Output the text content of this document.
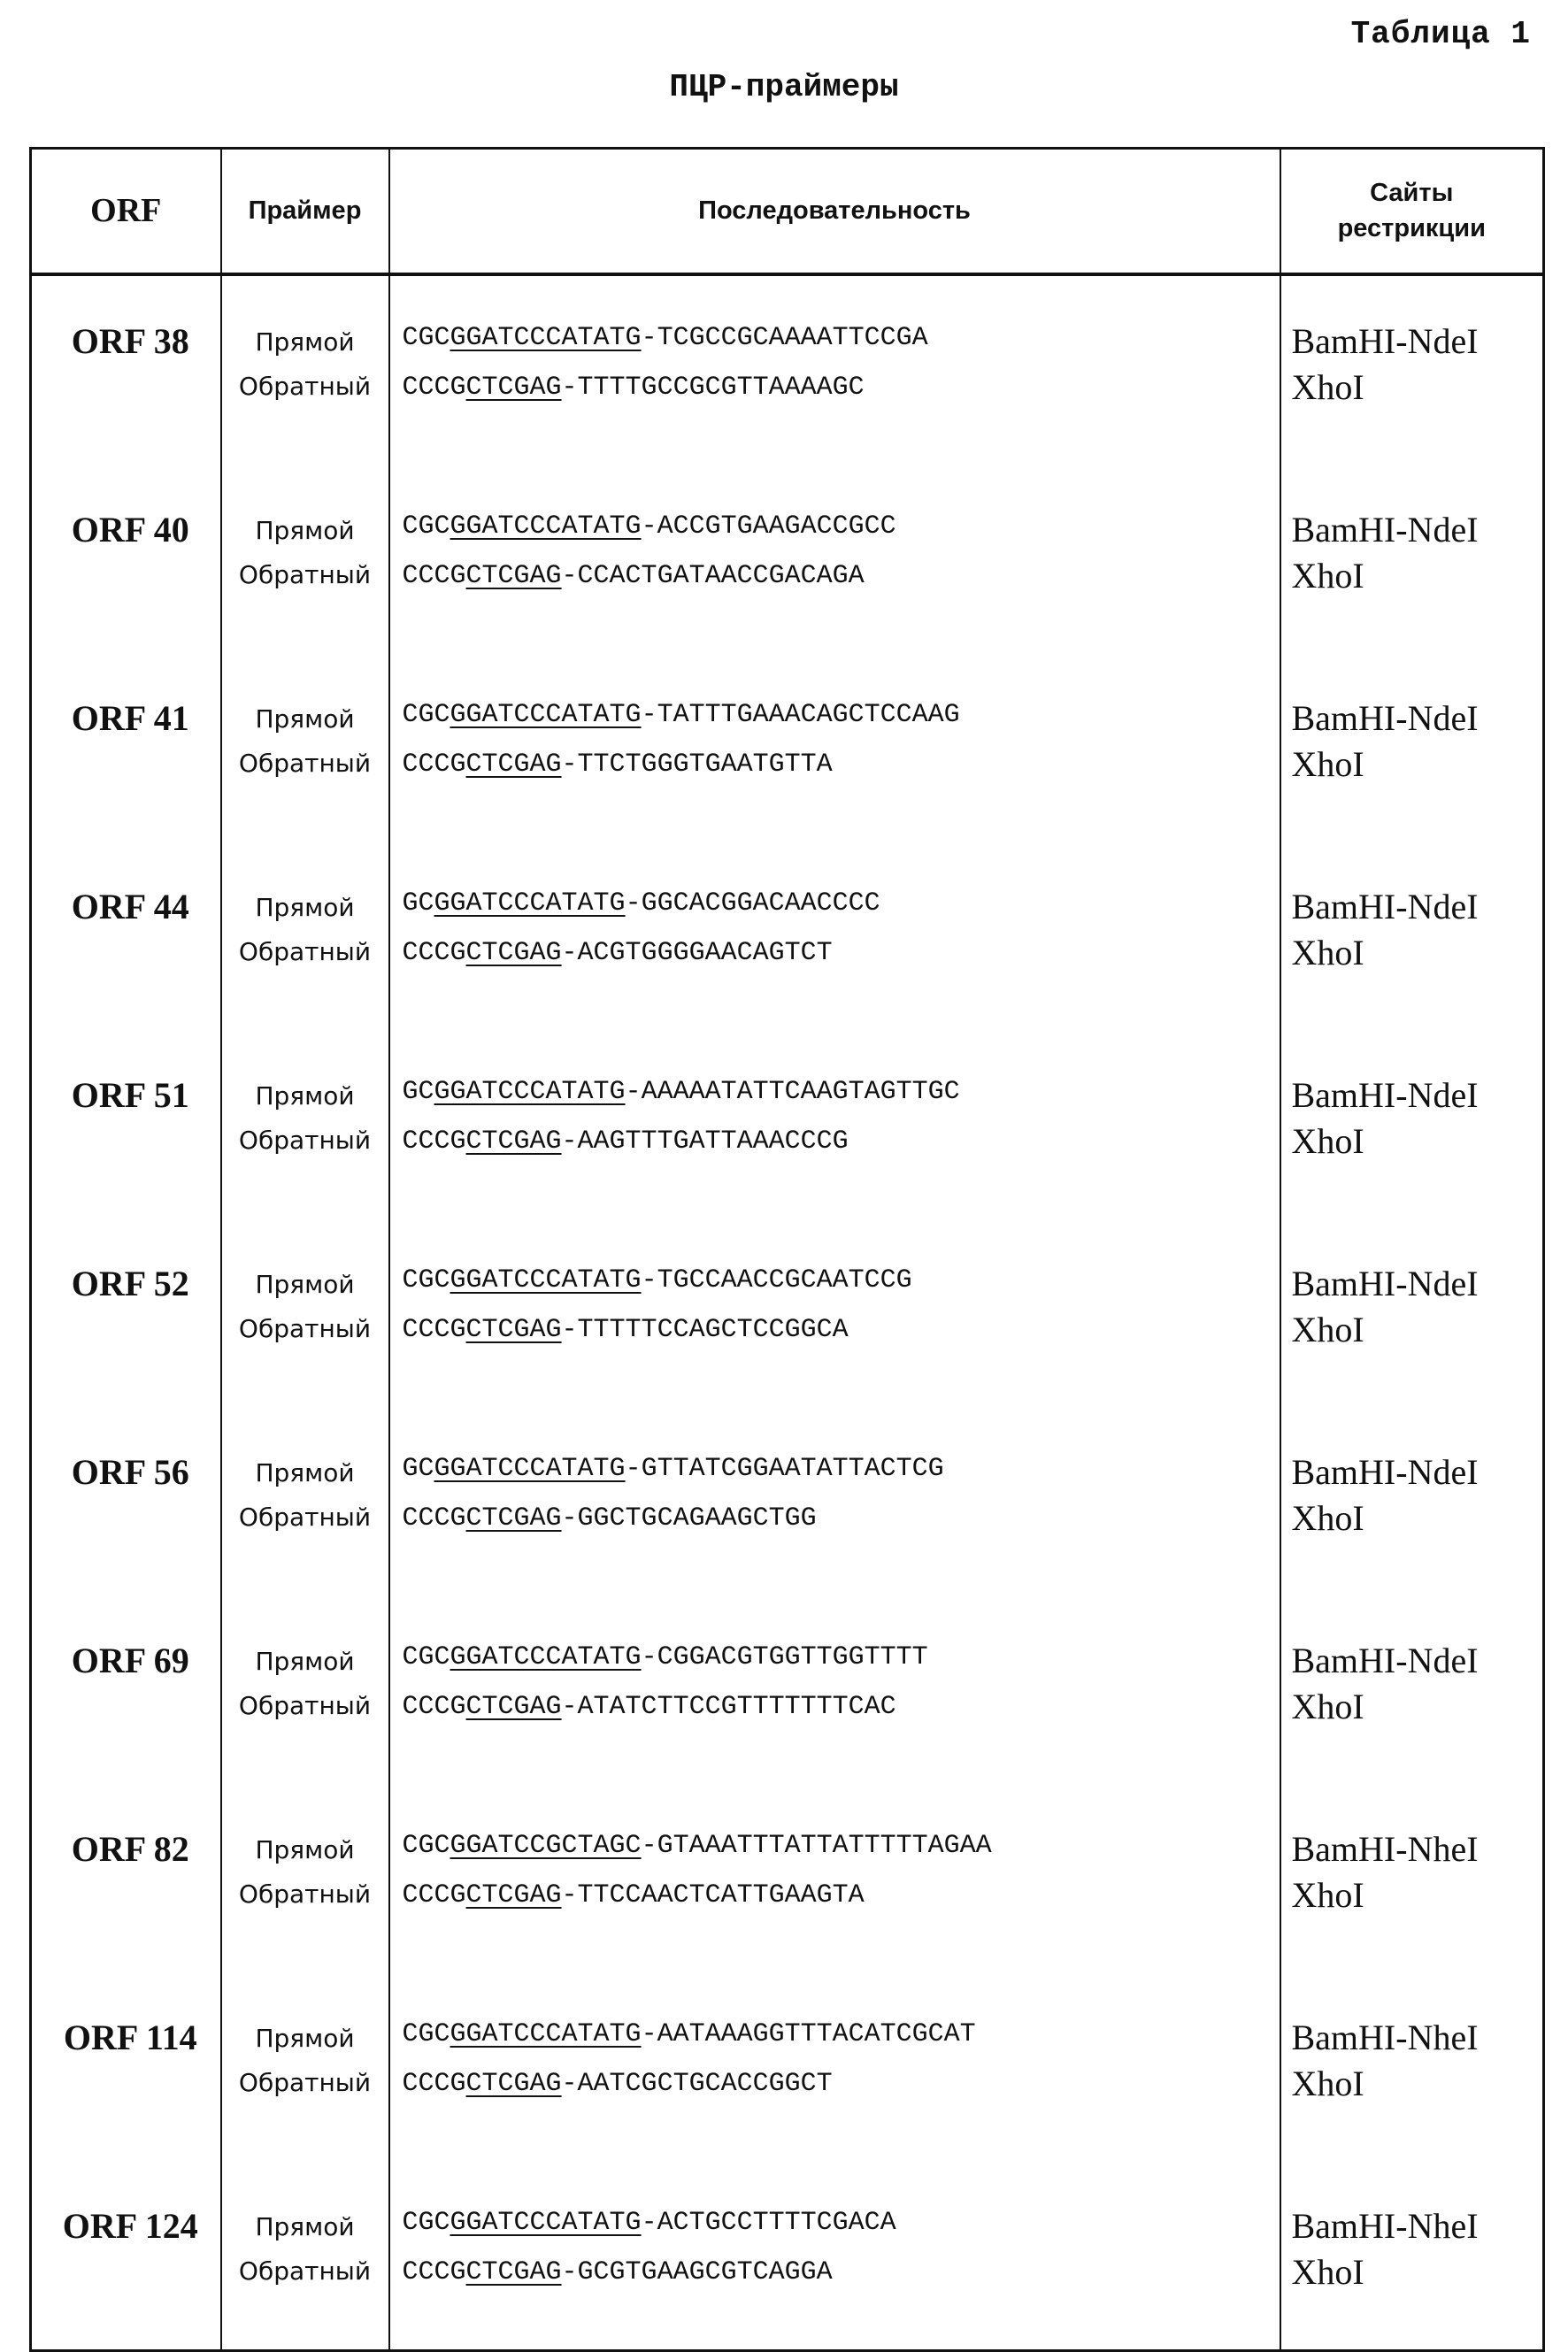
Таблица 1
ПЦР-праймеры
ORF	Праймер	Последовательность	
Сайты
рестрикции

ORF 38	Прямой
Обратный

CGCGGATCCCATATG-TCGCCGCAAAATTCCGA
CCCGCTCGAG-TTTTGCCGCGTTAAAAGC

BamHI-NdeI
XhoI

ORF 40	Прямой
Обратный

CGCGGATCCCATATG-ACCGTGAAGACCGCC
CCCGCTCGAG-CCACTGATAACCGACAGA

BamHI-NdeI
XhoI

ORF 41	Прямой
Обратный

CGCGGATCCCATATG-TATTTGAAACAGCTCCAAG
CCCGCTCGAG-TTCTGGGTGAATGTTA

BamHI-NdeI
XhoI

ORF 44	Прямой
Обратный

GCGGATCCCATATG-GGCACGGACAACCCC
CCCGCTCGAG-ACGTGGGGAACAGTCT

BamHI-NdeI
XhoI

ORF 51	Прямой
Обратный

GCGGATCCCATATG-AAAAATATTCAAGTAGTTGC
CCCGCTCGAG-AAGTTTGATTAAACCCG

BamHI-NdeI
XhoI

ORF 52	Прямой
Обратный

CGCGGATCCCATATG-TGCCAACCGCAATCCG
CCCGCTCGAG-TTTTTCCAGCTCCGGCA

BamHI-NdeI
XhoI

ORF 56	Прямой
Обратный

GCGGATCCCATATG-GTTATCGGAATATTACTCG
CCCGCTCGAG-GGCTGCAGAAGCTGG

BamHI-NdeI
XhoI

ORF 69	Прямой
Обратный

CGCGGATCCCATATG-CGGACGTGGTTGGTTTT
CCCGCTCGAG-ATATCTTCCGTTTTTTTCAC

BamHI-NdeI
XhoI

ORF 82	Прямой
Обратный

CGCGGATCCGCTAGC-GTAAATTTATTATTTTTAGAA
CCCGCTCGAG-TTCCAACTCATTGAAGTA

BamHI-NheI
XhoI

ORF 114	Прямой
Обратный

CGCGGATCCCATATG-AATAAAGGTTTACATCGCAT
CCCGCTCGAG-AATCGCTGCACCGGCT

BamHI-NheI
XhoI

ORF 124	Прямой
Обратный

CGCGGATCCCATATG-ACTGCCTTTTCGACA
CCCGCTCGAG-GCGTGAAGCGTCAGGA

BamHI-NheI
XhoI
